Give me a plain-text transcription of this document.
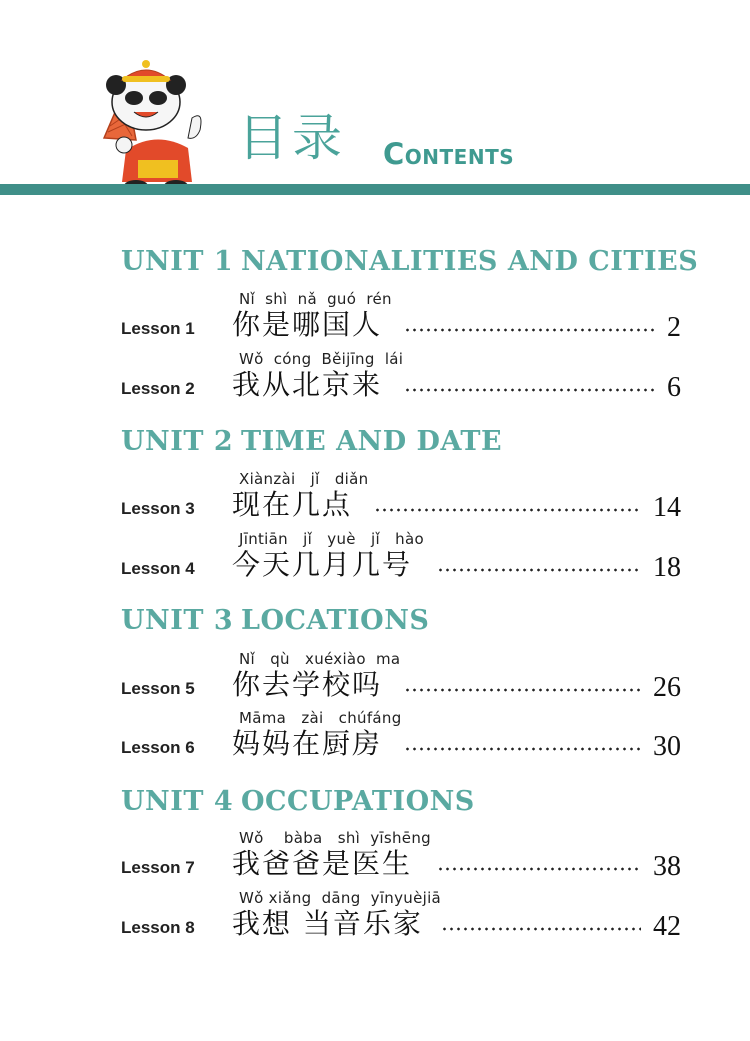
目录 Contents
UNIT 1 NATIONALITIES AND CITIES
Nǐ  shì  nǎ  guó  rén
Lesson 1 你是哪国人	2
Wǒ  cóng  Běijīng  lái
Lesson 2 我从北京来	6
UNIT 2 TIME AND DATE
Xiànzài   jǐ   diǎn
Lesson 3 现在几点	14
Jīntiān   jǐ   yuè   jǐ   hào
Lesson 4 今天几月几号	18
UNIT 3 LOCATIONS
Nǐ   qù   xuéxiào  ma
Lesson 5 你去学校吗	26
Māma   zài   chúfáng
Lesson 6 妈妈在厨房	30
UNIT 4 OCCUPATIONS
Wǒ    bàba   shì  yīshēng
Lesson 7 我爸爸是医生	38
Wǒ xiǎng  dāng  yīnyuèjiā
Lesson 8 我想 当音乐家	42
